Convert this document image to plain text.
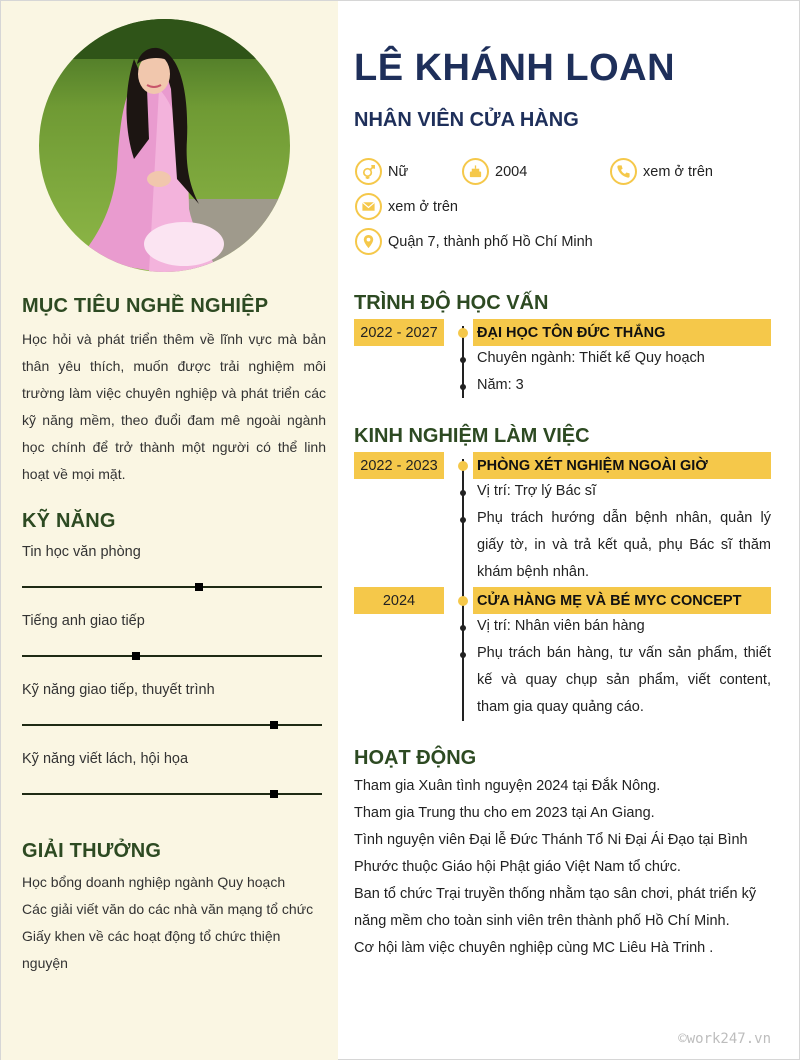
MỤC TIÊU NGHỀ NGHIỆP

Học hỏi và phát triển thêm về lĩnh vực mà bản thân yêu thích, muốn được trải nghiệm môi trường làm việc chuyên nghiệp và phát triển các kỹ năng mềm, theo đuổi đam mê ngoài ngành học chính để trở thành một người có thể linh hoạt về mọi mặt.

KỸ NĂNG
Tin học văn phòng
Tiếng anh giao tiếp
Kỹ năng giao tiếp, thuyết trình
Kỹ năng viết lách, hội họa
GIẢI THƯỞNG
Học bổng doanh nghiệp ngành Quy hoạch
Các giải viết văn do các nhà văn mạng tổ chức
Giấy khen về các hoạt động tổ chức thiện nguyện
LÊ KHÁNH LOAN
NHÂN VIÊN CỬA HÀNG
Nữ	2004	xem ở trên
xem ở trên
Quận 7, thành phố Hồ Chí Minh
TRÌNH ĐỘ HỌC VẤN
2022 - 2027	ĐẠI HỌC TÔN ĐỨC THẮNG
Chuyên ngành: Thiết kế Quy hoạch
Năm: 3
KINH NGHIỆM LÀM VIỆC
2022 - 2023	PHÒNG XÉT NGHIỆM NGOÀI GIỜ
Vị trí: Trợ lý Bác sĩ
Phụ trách hướng dẫn bệnh nhân, quản lý giấy tờ, in và trả kết quả, phụ Bác sĩ thăm khám bệnh nhân.
2024	CỬA HÀNG MẸ VÀ BÉ MYC CONCEPT
Vị trí: Nhân viên bán hàng
Phụ trách bán hàng, tư vấn sản phẩm, thiết kế và quay chụp sản phẩm, viết content, tham gia quay quảng cáo.
HOẠT ĐỘNG
Tham gia Xuân tình nguyện 2024 tại Đắk Nông.
Tham gia Trung thu cho em 2023 tại An Giang.
Tình nguyện viên Đại lễ Đức Thánh Tổ Ni Đại Ái Đạo tại Bình Phước thuộc Giáo hội Phật giáo Việt Nam tổ chức.
Ban tổ chức Trại truyền thống nhằm tạo sân chơi, phát triển kỹ năng mềm cho toàn sinh viên trên thành phố Hồ Chí Minh.
Cơ hội làm việc chuyên nghiệp cùng MC Liêu Hà Trinh .
©work247.vn
